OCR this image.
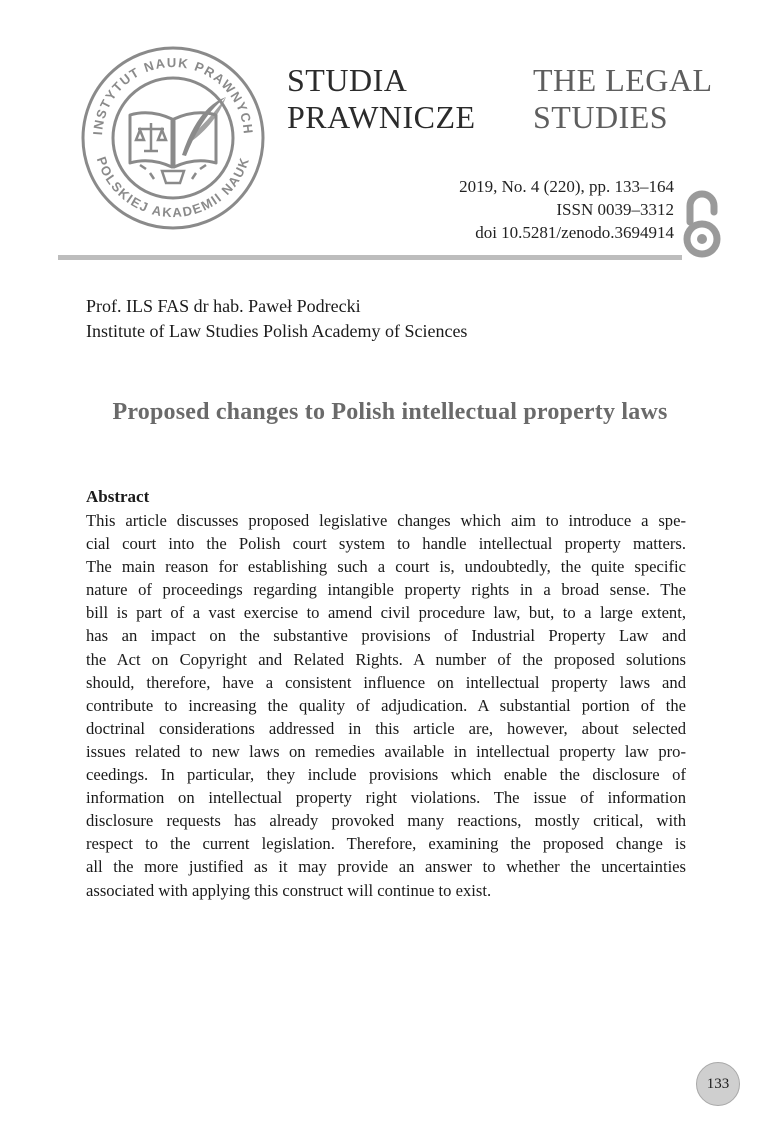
INSTYTUT NAUK PRAWNYCH
POLSKIEJ AKADEMII NAUK
STUDIA
PRAWNICZE
THE LEGAL
STUDIES
2019, No. 4 (220), pp. 133–164
ISSN 0039–3312
doi 10.5281/zenodo.3694914
Prof. ILS FAS dr hab. Paweł Podrecki
Institute of Law Studies Polish Academy of Sciences
Proposed changes to Polish intellectual property laws
Abstract
This article discusses proposed legislative changes which aim to introduce a spe-
cial court into the Polish court system to handle intellectual property matters.
The main reason for establishing such a court is, undoubtedly, the quite specific
nature of proceedings regarding intangible property rights in a broad sense. The
bill is part of a vast exercise to amend civil procedure law, but, to a large extent,
has an impact on the substantive provisions of Industrial Property Law and
the Act on Copyright and Related Rights. A number of the proposed solutions
should, therefore, have a consistent influence on intellectual property laws and
contribute to increasing the quality of adjudication. A substantial portion of the
doctrinal considerations addressed in this article are, however, about selected
issues related to new laws on remedies available in intellectual property law pro-
ceedings. In particular, they include provisions which enable the disclosure of
information on intellectual property right violations. The issue of information
disclosure requests has already provoked many reactions, mostly critical, with
respect to the current legislation. Therefore, examining the proposed change is
all the more justified as it may provide an answer to whether the uncertainties
associated with applying this construct will continue to exist.
133
